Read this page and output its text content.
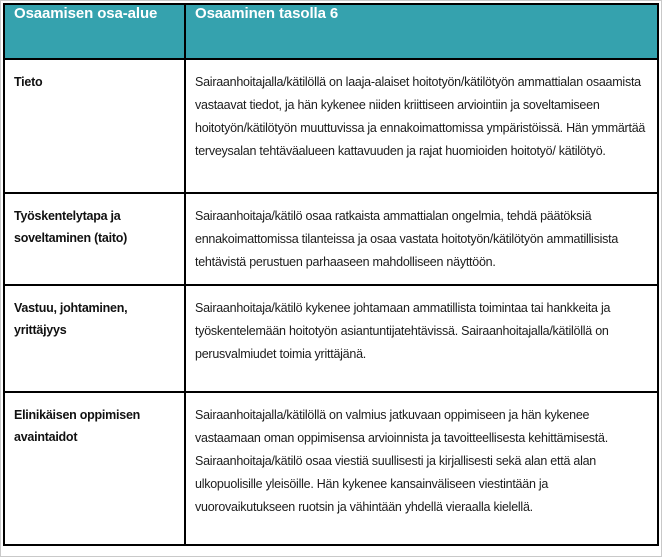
Osaamisen osa-alue	Osaaminen tasolla 6
Tieto	Sairaanhoitajalla/kätilöllä on laaja-alaiset hoitotyön/kätilötyön ammattialan osaamista vastaavat tiedot, ja hän kykenee niiden kriittiseen arviointiin ja soveltamiseen hoitotyön/kätilötyön muuttuvissa ja ennakoimattomissa ympäristöissä. Hän ymmärtää terveysalan tehtäväalueen kattavuuden ja rajat huomioiden hoitotyö/ kätilötyö.
Työskentelytapa ja soveltaminen (taito)	Sairaanhoitaja/kätilö osaa ratkaista ammattialan ongelmia, tehdä päätöksiä ennakoimattomissa tilanteissa ja osaa vastata hoitotyön/kätilötyön ammatillisista tehtävistä perustuen parhaaseen mahdolliseen näyttöön.
Vastuu, johtaminen, yrittäjyys	Sairaanhoitaja/kätilö kykenee johtamaan ammatillista toimintaa tai hankkeita ja työskentelemään hoitotyön asiantuntijatehtävissä. Sairaanhoitajalla/kätilöllä on perusvalmiudet toimia yrittäjänä.
Elinikäisen oppimisen avaintaidot	Sairaanhoitajalla/kätilöllä on valmius jatkuvaan oppimiseen ja hän kykenee vastaamaan oman oppimisensa arvioinnista ja tavoitteellisesta kehittämisestä. Sairaanhoitaja/kätilö osaa viestiä suullisesti ja kirjallisesti sekä alan että alan ulkopuolisille yleisöille. Hän kykenee kansainväliseen viestintään ja vuorovaikutukseen ruotsin ja vähintään yhdellä vieraalla kielellä.
